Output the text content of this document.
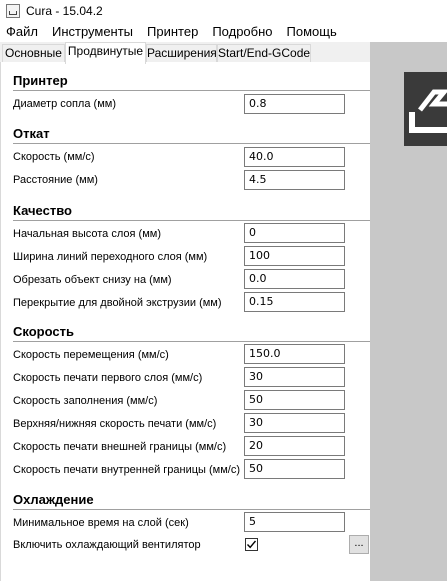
Cura - 15.04.2
Файл	Инструменты	Принтер	Подробно	Помощь
Основные Продвинутые Расширения Start/End-GCode
Принтер
Диаметр сопла (мм)	0.8
Откат
Скорость (мм/с)	40.0
Расстояние (мм)	4.5
Качество
Начальная высота слоя (мм)	0
Ширина линий переходного слоя (мм)	100
Обрезать объект снизу на (мм)	0.0
Перекрытие для двойной экструзии (мм)	0.15
Скорость
Скорость перемещения (мм/с)	150.0
Скорость печати первого слоя (мм/с)	30
Скорость заполнения (мм/с)	50
Верхняя/нижняя скорость печати (мм/с)	30
Скорость печати внешней границы (мм/с)	20
Скорость печати внутренней границы (мм/с) 50
Охлаждение
Минимальное время на слой (сек)	5
Включить охлаждающий вентилятор	...
